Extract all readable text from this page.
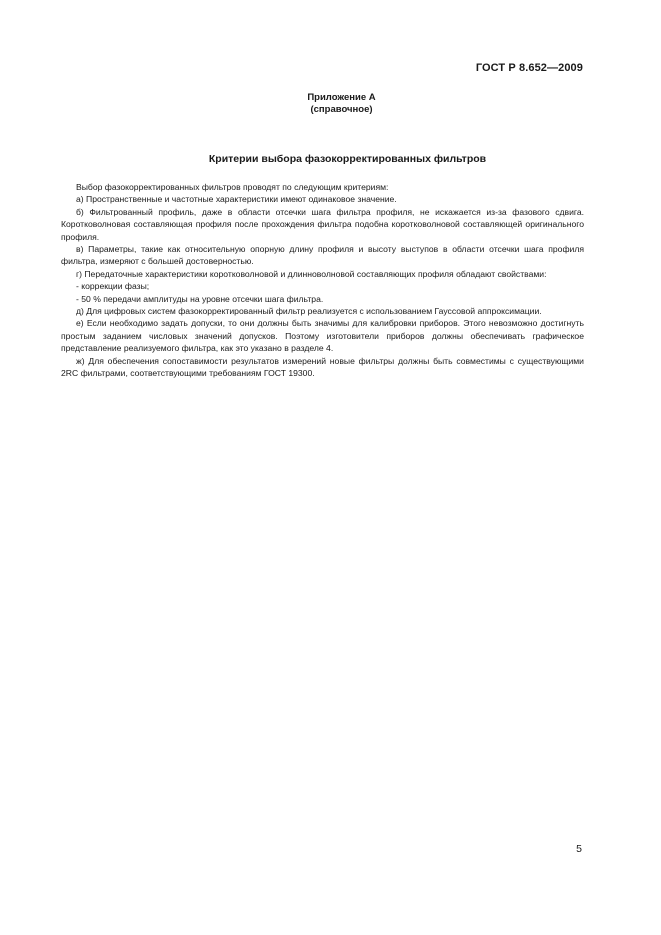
ГОСТ Р 8.652—2009
Приложение А
(справочное)
Критерии выбора фазокорректированных фильтров

Выбор фазокорректированных фильтров проводят по следующим критериям:

а) Пространственные и частотные характеристики имеют одинаковое значение.

б) Фильтрованный профиль, даже в области отсечки шага фильтра профиля, не искажается из-за фазового сдвига. Коротковолновая составляющая профиля после прохождения фильтра подобна коротковолновой составляющей оригинального профиля.

в) Параметры, такие как относительную опорную длину профиля и высоту выступов в области отсечки шага профиля фильтра, измеряют с большей достоверностью.

г) Передаточные характеристики коротковолновой и длинноволновой составляющих профиля обладают свойствами:

- коррекции фазы;

- 50 % передачи амплитуды на уровне отсечки шага фильтра.

д) Для цифровых систем фазокорректированный фильтр реализуется с использованием Гауссовой аппроксимации.

е) Если необходимо задать допуски, то они должны быть значимы для калибровки приборов. Этого невозможно достигнуть простым заданием числовых значений допусков. Поэтому изготовители приборов должны обеспечивать графическое представление реализуемого фильтра, как это указано в разделе 4.

ж) Для обеспечения сопоставимости результатов измерений новые фильтры должны быть совместимы с существующими 2RC фильтрами, соответствующими требованиям ГОСТ 19300.

5
